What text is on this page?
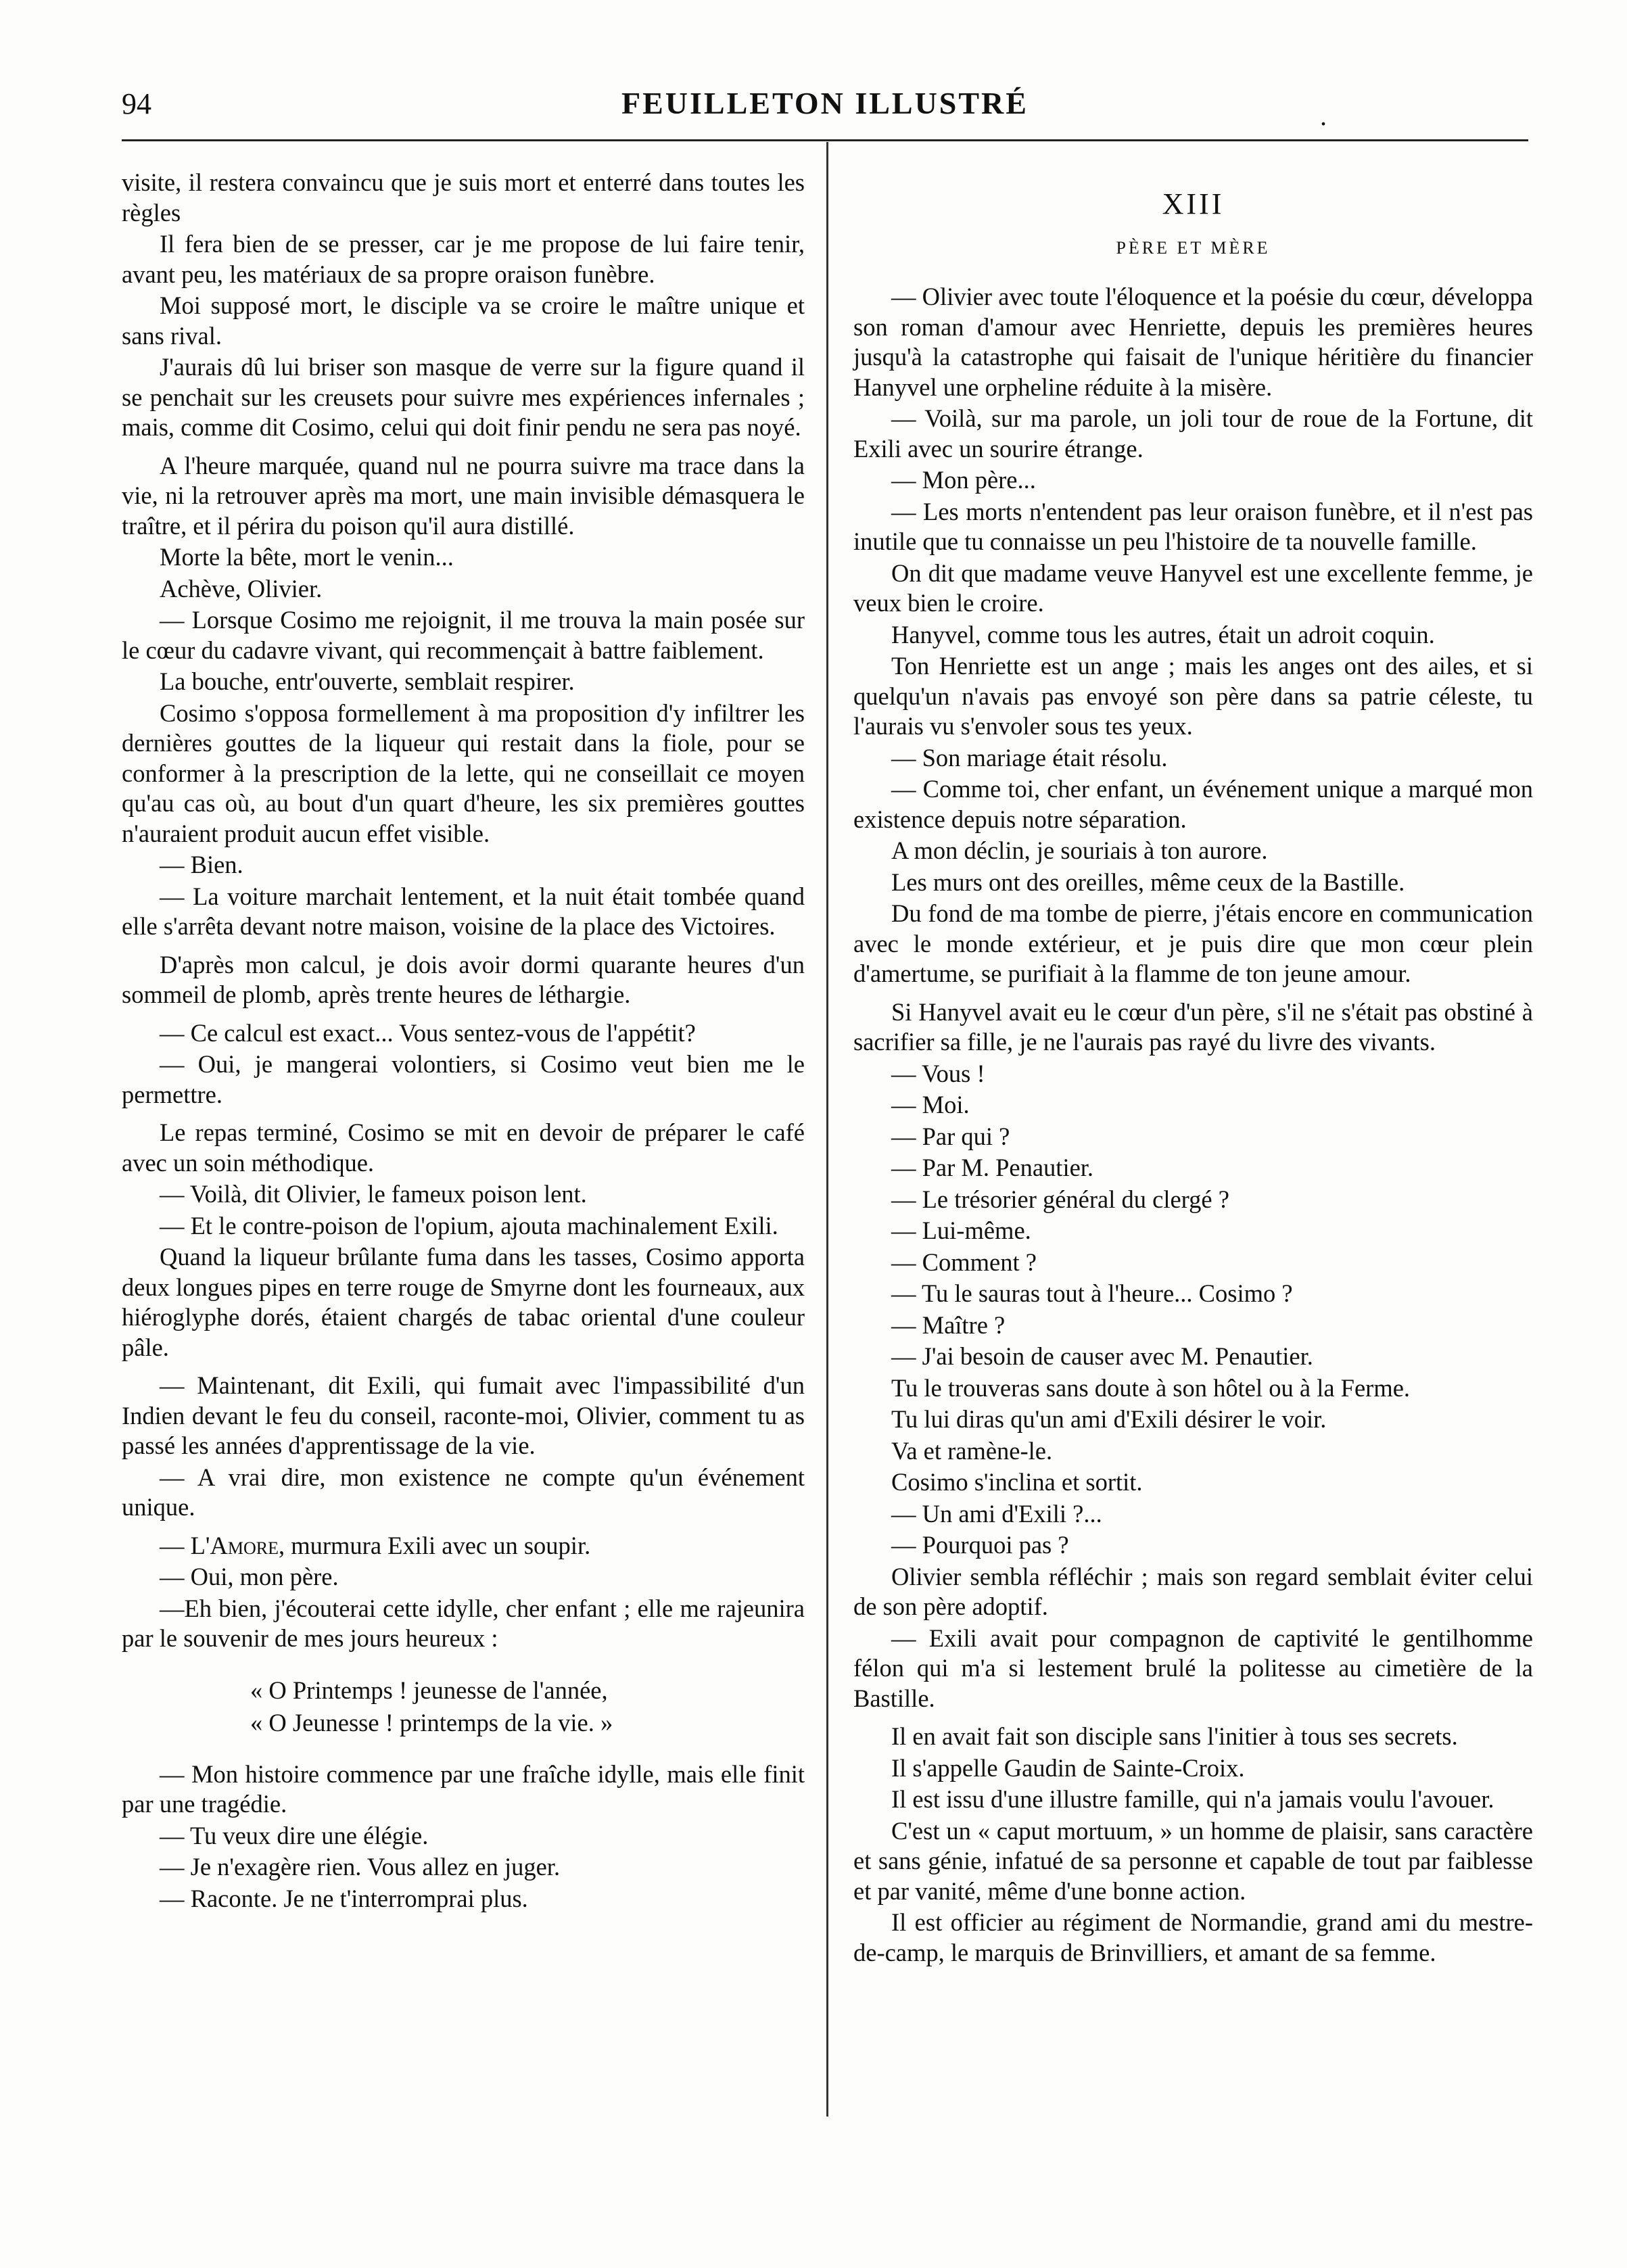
94	FEUILLETON ILLUSTRÉ	.

visite, il restera convaincu que je suis mort et enterré dans toutes les règles

Il fera bien de se presser, car je me propose de lui faire tenir, avant peu, les matériaux de sa propre oraison funèbre.

Moi supposé mort, le disciple va se croire le maître unique et sans rival.

J'aurais dû lui briser son masque de verre sur la figure quand il se penchait sur les creusets pour suivre mes expériences infernales ; mais, comme dit Cosimo, celui qui doit finir pendu ne sera pas noyé.

A l'heure marquée, quand nul ne pourra suivre ma trace dans la vie, ni la retrouver après ma mort, une main invisible démasquera le traître, et il périra du poison qu'il aura distillé.

Morte la bête, mort le venin...

Achève, Olivier.

— Lorsque Cosimo me rejoignit, il me trouva la main posée sur le cœur du cadavre vivant, qui recommençait à battre faiblement.

La bouche, entr'ouverte, semblait respirer.

Cosimo s'opposa formellement à ma proposition d'y infiltrer les dernières gouttes de la liqueur qui restait dans la fiole, pour se conformer à la prescription de la lette, qui ne conseillait ce moyen qu'au cas où, au bout d'un quart d'heure, les six premières gouttes n'auraient produit aucun effet visible.

— Bien.

— La voiture marchait lentement, et la nuit était tombée quand elle s'arrêta devant notre maison, voisine de la place des Victoires.

D'après mon calcul, je dois avoir dormi quarante heures d'un sommeil de plomb, après trente heures de léthargie.

— Ce calcul est exact... Vous sentez-vous de l'appétit?

— Oui, je mangerai volontiers, si Cosimo veut bien me le permettre.

Le repas terminé, Cosimo se mit en devoir de préparer le café avec un soin méthodique.

— Voilà, dit Olivier, le fameux poison lent.

— Et le contre-poison de l'opium, ajouta machinalement Exili.

Quand la liqueur brûlante fuma dans les tasses, Cosimo apporta deux longues pipes en terre rouge de Smyrne dont les fourneaux, aux hiéroglyphe dorés, étaient chargés de tabac oriental d'une couleur pâle.

— Maintenant, dit Exili, qui fumait avec l'impassibilité d'un Indien devant le feu du conseil, raconte-moi, Olivier, comment tu as passé les années d'apprentissage de la vie.

— A vrai dire, mon existence ne compte qu'un événement unique.

— L'Amore, murmura Exili avec un soupir.

— Oui, mon père.

—Eh bien, j'écouterai cette idylle, cher enfant ; elle me rajeunira par le souvenir de mes jours heureux :

« O Printemps ! jeunesse de l'année,
« O Jeunesse ! printemps de la vie. »

— Mon histoire commence par une fraîche idylle, mais elle finit par une tragédie.

— Tu veux dire une élégie.

— Je n'exagère rien. Vous allez en juger.

— Raconte. Je ne t'interromprai plus.

XIII
PÈRE ET MÈRE

— Olivier avec toute l'éloquence et la poésie du cœur, développa son roman d'amour avec Henriette, depuis les premières heures jusqu'à la catastrophe qui faisait de l'unique héritière du financier Hanyvel une orpheline réduite à la misère.

— Voilà, sur ma parole, un joli tour de roue de la Fortune, dit Exili avec un sourire étrange.

— Mon père...

— Les morts n'entendent pas leur oraison funèbre, et il n'est pas inutile que tu connaisse un peu l'histoire de ta nouvelle famille.

On dit que madame veuve Hanyvel est une excellente femme, je veux bien le croire.

Hanyvel, comme tous les autres, était un adroit coquin.

Ton Henriette est un ange ; mais les anges ont des ailes, et si quelqu'un n'avais pas envoyé son père dans sa patrie céleste, tu l'aurais vu s'envoler sous tes yeux.

— Son mariage était résolu.

— Comme toi, cher enfant, un événement unique a marqué mon existence depuis notre séparation.

A mon déclin, je souriais à ton aurore.

Les murs ont des oreilles, même ceux de la Bastille.

Du fond de ma tombe de pierre, j'étais encore en communication avec le monde extérieur, et je puis dire que mon cœur plein d'amertume, se purifiait à la flamme de ton jeune amour.

Si Hanyvel avait eu le cœur d'un père, s'il ne s'était pas obstiné à sacrifier sa fille, je ne l'aurais pas rayé du livre des vivants.

— Vous !

— Moi.

— Par qui ?

— Par M. Penautier.

— Le trésorier général du clergé ?

— Lui-même.

— Comment ?

— Tu le sauras tout à l'heure... Cosimo ?

— Maître ?

— J'ai besoin de causer avec M. Penautier.

Tu le trouveras sans doute à son hôtel ou à la Ferme.

Tu lui diras qu'un ami d'Exili désirer le voir.

Va et ramène-le.

Cosimo s'inclina et sortit.

— Un ami d'Exili ?...

— Pourquoi pas ?

Olivier sembla réfléchir ; mais son regard semblait éviter celui de son père adoptif.

— Exili avait pour compagnon de captivité le gentilhomme félon qui m'a si lestement brulé la politesse au cimetière de la Bastille.

Il en avait fait son disciple sans l'initier à tous ses secrets.

Il s'appelle Gaudin de Sainte-Croix.

Il est issu d'une illustre famille, qui n'a jamais voulu l'avouer.

C'est un « caput mortuum, » un homme de plaisir, sans caractère et sans génie, infatué de sa personne et capable de tout par faiblesse et par vanité, même d'une bonne action.

Il est officier au régiment de Normandie, grand ami du mestre-de-camp, le marquis de Brinvilliers, et amant de sa femme.
